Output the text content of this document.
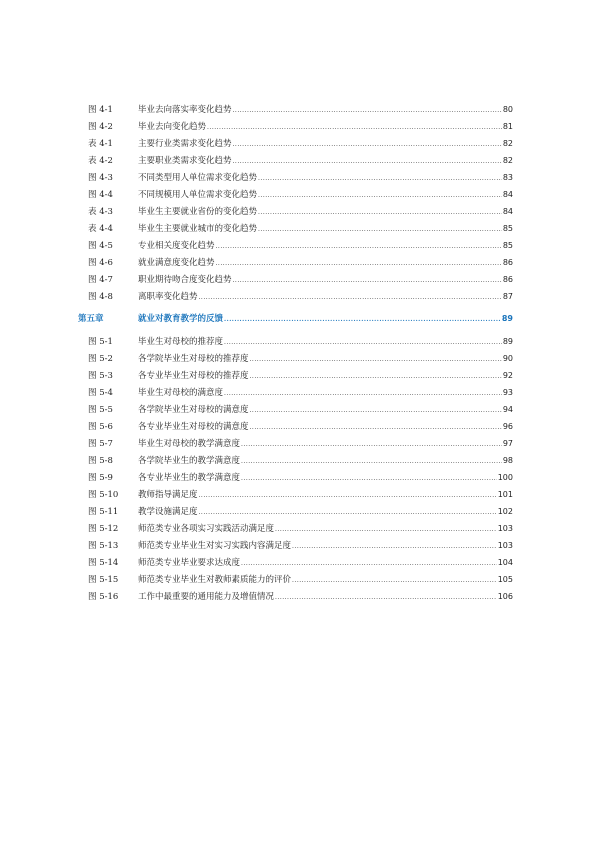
图 4-1	毕业去向落实率变化趋势 .....	80
图 4-2	毕业去向变化趋势 .....	81
表 4-1	主要行业类需求变化趋势 .....	82
表 4-2	主要职业类需求变化趋势 .....	82
图 4-3	不同类型用人单位需求变化趋势 .....	83
图 4-4	不同规模用人单位需求变化趋势 .....	84
表 4-3	毕业生主要就业省份的变化趋势 .....	84
表 4-4	毕业生主要就业城市的变化趋势 .....	85
图 4-5	专业相关度变化趋势 .....	85
图 4-6	就业满意度变化趋势 .....	86
图 4-7	职业期待吻合度变化趋势 .....	86
图 4-8	离职率变化趋势 .....	87
第五章	就业对教育教学的反馈 .....	89
图 5-1	毕业生对母校的推荐度 .....	89
图 5-2	各学院毕业生对母校的推荐度 .....	90
图 5-3	各专业毕业生对母校的推荐度 .....	92
图 5-4	毕业生对母校的满意度 .....	93
图 5-5	各学院毕业生对母校的满意度 .....	94
图 5-6	各专业毕业生对母校的满意度 .....	96
图 5-7	毕业生对母校的教学满意度 .....	97
图 5-8	各学院毕业生的教学满意度 .....	98
图 5-9	各专业毕业生的教学满意度 .....	100
图 5-10	教师指导满足度 .....	101
图 5-11	教学设施满足度 .....	102
图 5-12	师范类专业各项实习实践活动满足度 .....	103
图 5-13	师范类专业毕业生对实习实践内容满足度 .....	103
图 5-14	师范类专业毕业要求达成度 .....	104
图 5-15	师范类专业毕业生对教师素质能力的评价 .....	105
图 5-16	工作中最重要的通用能力及增值情况 .....	106
